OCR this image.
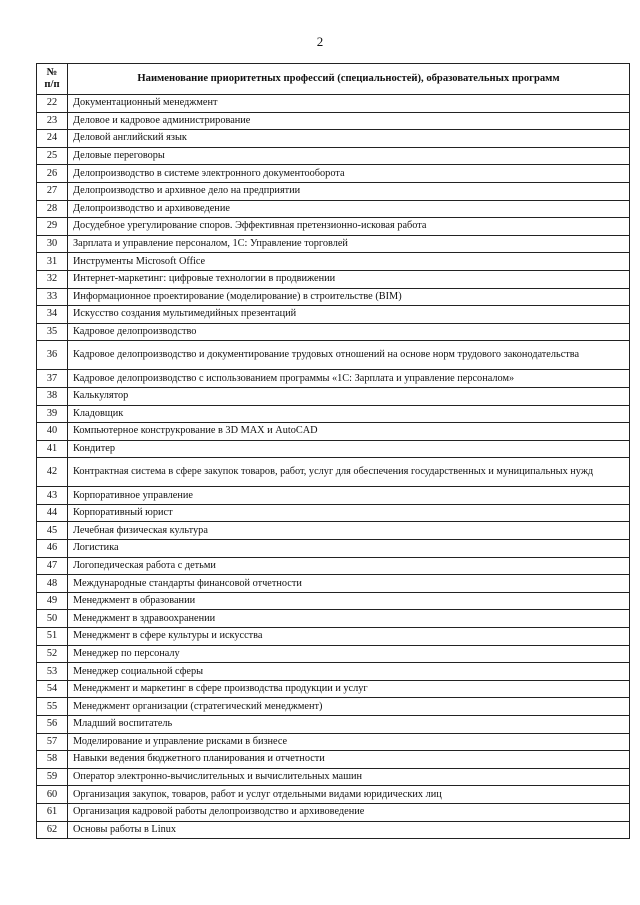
2
№
п/п	Наименование приоритетных профессий (специальностей), образовательных программ
22	Документационный менеджмент
23	Деловое и кадровое администрирование
24	Деловой английский язык
25	Деловые переговоры
26	Делопроизводство в системе электронного документооборота
27	Делопроизводство и архивное дело на предприятии
28	Делопроизводство и архивоведение
29	Досудебное урегулирование споров. Эффективная претензионно-исковая работа
30	Зарплата и управление персоналом, 1С: Управление торговлей
31	Инструменты Microsoft Office
32	Интернет-маркетинг: цифровые технологии в продвижении
33	Информационное проектирование (моделирование) в строительстве (BIM)
34	Искусство создания мультимедийных презентаций
35	Кадровое делопроизводство
36	Кадровое делопроизводство и документирование трудовых отношений на основе норм трудового законодательства
37	Кадровое делопроизводство с использованием программы «1С: Зарплата и управление персоналом»
38	Калькулятор
39	Кладовщик
40	Компьютерное конструкрование в 3D MAX и AutoCAD
41	Кондитер
42	Контрактная система в сфере закупок товаров, работ, услуг для обеспечения государственных и муниципальных нужд
43	Корпоративное управление
44	Корпоративный юрист
45	Лечебная физическая культура
46	Логистика
47	Логопедическая работа с детьми
48	Международные стандарты финансовой отчетности
49	Менеджмент в образовании
50	Менеджмент в здравоохранении
51	Менеджмент в сфере культуры и искусства
52	Менеджер по персоналу
53	Менеджер социальной сферы
54	Менеджмент и маркетинг в сфере производства продукции и услуг
55	Менеджмент организации (стратегический менеджмент)
56	Младший воспитатель
57	Моделирование и управление рисками в бизнесе
58	Навыки ведения бюджетного планирования и отчетности
59	Оператор электронно-вычислительных и вычислительных машин
60	Организация закупок, товаров, работ и услуг отдельными видами юридических лиц
61	Организация кадровой работы делопроизводство и архивоведение
62	Основы работы в Linux
